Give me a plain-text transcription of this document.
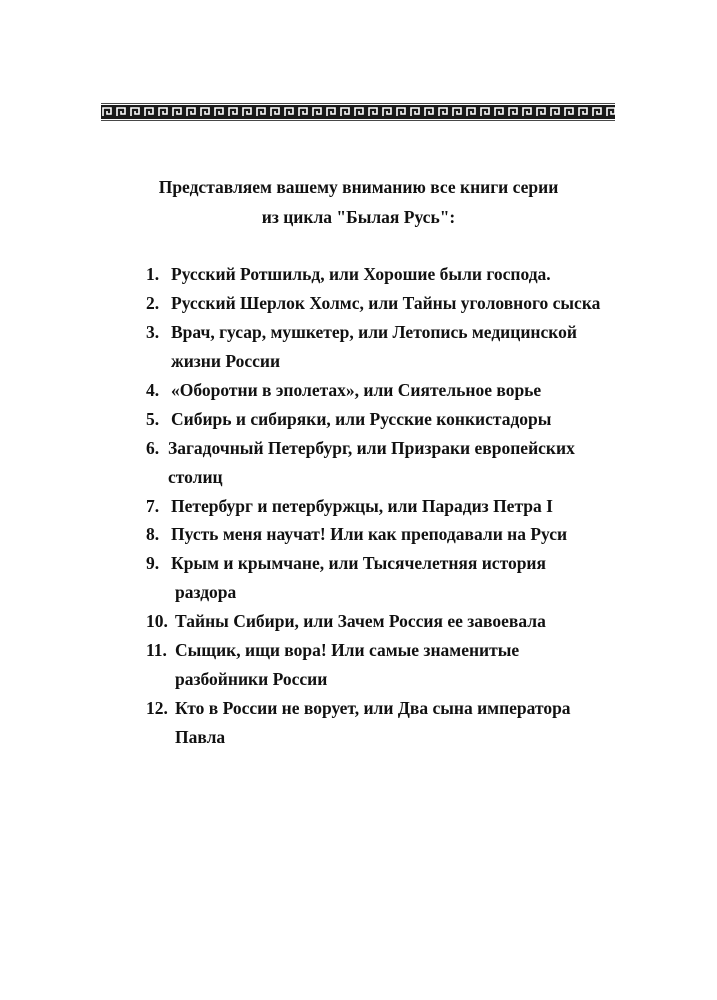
Представляем вашему вниманию все книги серии
из цикла "Былая Русь":
1. Русский Ротшильд, или Хорошие были господа.
2. Русский Шерлок Холмс, или Тайны уголовного сыска
3. Врач, гусар, мушкетер, или Летопись медицинской
жизни России
4. «Оборотни в эполетах», или Сиятельное ворье
5. Сибирь и сибиряки, или Русские конкистадоры
6. Загадочный Петербург, или Призраки европейских
столиц
7. Петербург и петербуржцы, или Парадиз Петра I
8. Пусть меня научат! Или как преподавали на Руси
9. Крым и крымчане, или Тысячелетняя история
раздора
10. Тайны Сибири, или Зачем Россия ее завоевала
11. Сыщик, ищи вора! Или самые знаменитые
разбойники России
12. Кто в России не ворует, или Два сына императора
Павла
